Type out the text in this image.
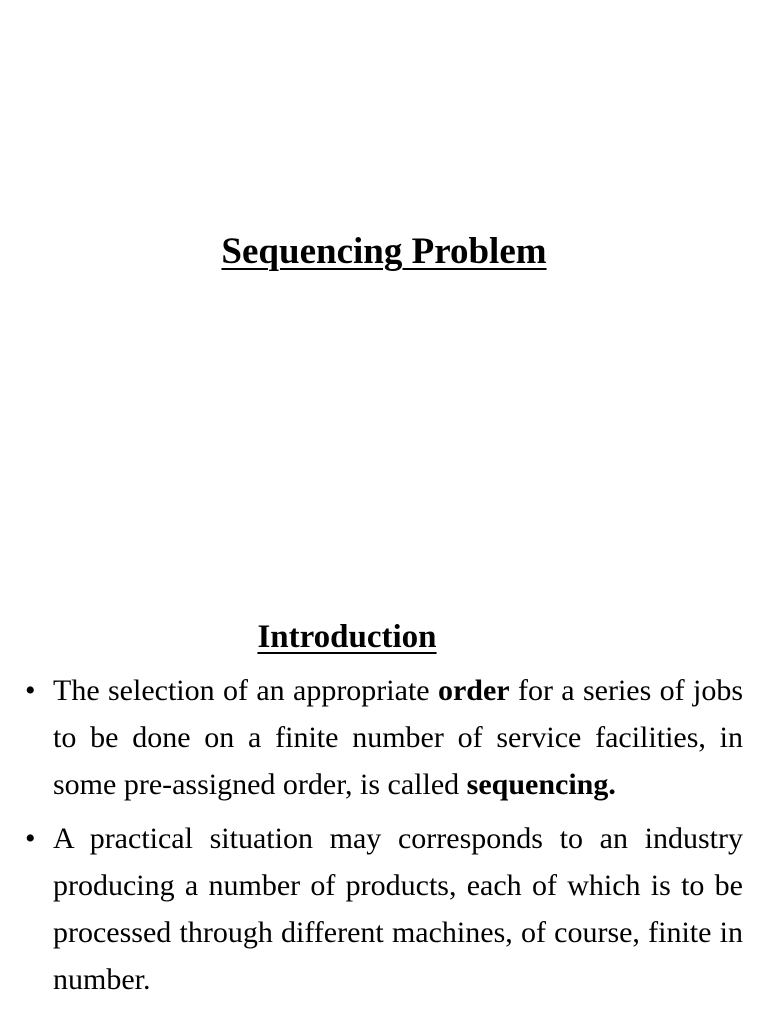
Sequencing Problem
Introduction
• The selection of an appropriate order for a series of jobs to be done on a finite number of service facilities, in some pre-assigned order, is called sequencing.
• A practical situation may corresponds to an industry producing a number of products, each of which is to be processed through different machines, of course, finite in number.
